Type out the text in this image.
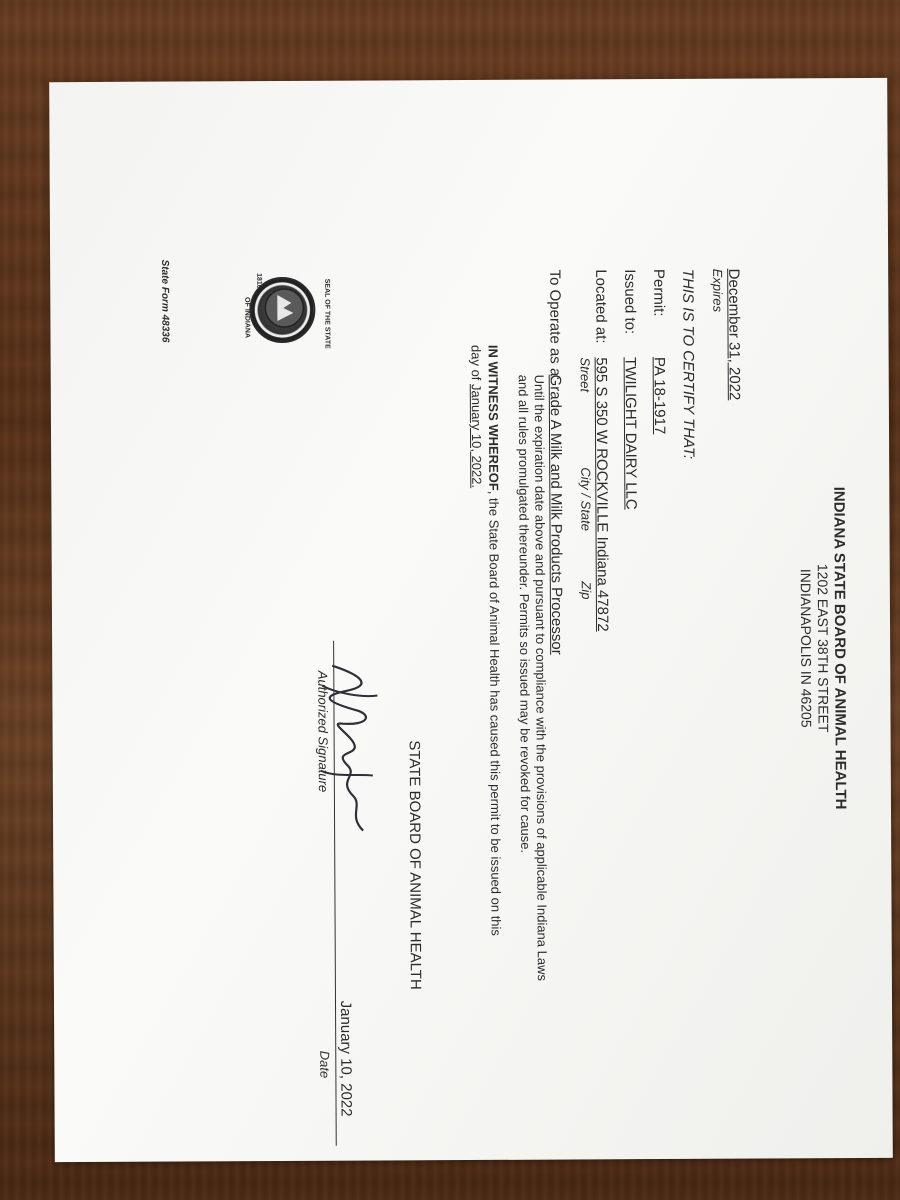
INDIANA STATE BOARD OF ANIMAL HEALTH
1202 EAST 38TH STREET
INDIANAPOLIS IN 46205
December 31, 2022
Expires
THIS IS TO CERTIFY THAT:
Permit:
PA 18-1917
Issued to:
TWILIGHT DAIRY LLC
Located at:
595 S 350 W ROCKVILLE Indiana 47872
Street
City / State
Zip
To Operate as a:
Grade A Milk and Milk Products Processor
Until the expiration date above and pursuant to compliance with the provisions of applicable Indiana Laws
and all rules promulgated thereunder. Permits so issued may be revoked for cause.
IN WITNESS WHEREOF, the State Board of Animal Health has caused this permit to be issued on this
day of January 10, 2022.
STATE BOARD OF ANIMAL HEALTH
Authorized Signature
January 10, 2022
Date
SEAL OF THE STATE
OF INDIANA
1816
State Form 48336
